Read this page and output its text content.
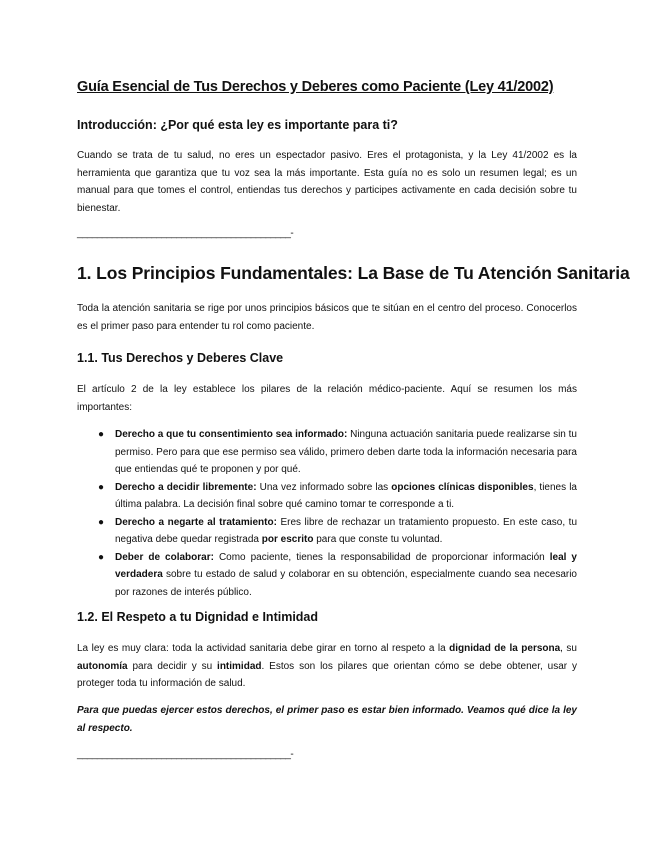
Guía Esencial de Tus Derechos y Deberes como Paciente (Ley 41/2002)
Introducción: ¿Por qué esta ley es importante para ti?

Cuando se trata de tu salud, no eres un espectador pasivo. Eres el protagonista, y la Ley 41/2002 es la herramienta que garantiza que tu voz sea la más importante. Esta guía no es solo un resumen legal; es un manual para que tomes el control, entiendas tus derechos y participes activamente en cada decisión sobre tu bienestar.

___________________________________________-
1. Los Principios Fundamentales: La Base de Tu Atención Sanitaria

Toda la atención sanitaria se rige por unos principios básicos que te sitúan en el centro del proceso. Conocerlos es el primer paso para entender tu rol como paciente.

1.1. Tus Derechos y Deberes Clave

El artículo 2 de la ley establece los pilares de la relación médico-paciente. Aquí se resumen los más importantes:

● Derecho a que tu consentimiento sea informado: Ninguna actuación sanitaria puede realizarse sin tu permiso. Pero para que ese permiso sea válido, primero deben darte toda la información necesaria para que entiendas qué te proponen y por qué.
● Derecho a decidir libremente: Una vez informado sobre las opciones clínicas disponibles, tienes la última palabra. La decisión final sobre qué camino tomar te corresponde a ti.
● Derecho a negarte al tratamiento: Eres libre de rechazar un tratamiento propuesto. En este caso, tu negativa debe quedar registrada por escrito para que conste tu voluntad.
● Deber de colaborar: Como paciente, tienes la responsabilidad de proporcionar información leal y verdadera sobre tu estado de salud y colaborar en su obtención, especialmente cuando sea necesario por razones de interés público.
1.2. El Respeto a tu Dignidad e Intimidad

La ley es muy clara: toda la actividad sanitaria debe girar en torno al respeto a la dignidad de la persona, su autonomía para decidir y su intimidad. Estos son los pilares que orientan cómo se debe obtener, usar y proteger toda tu información de salud.

Para que puedas ejercer estos derechos, el primer paso es estar bien informado. Veamos qué dice la ley al respecto.

___________________________________________-
